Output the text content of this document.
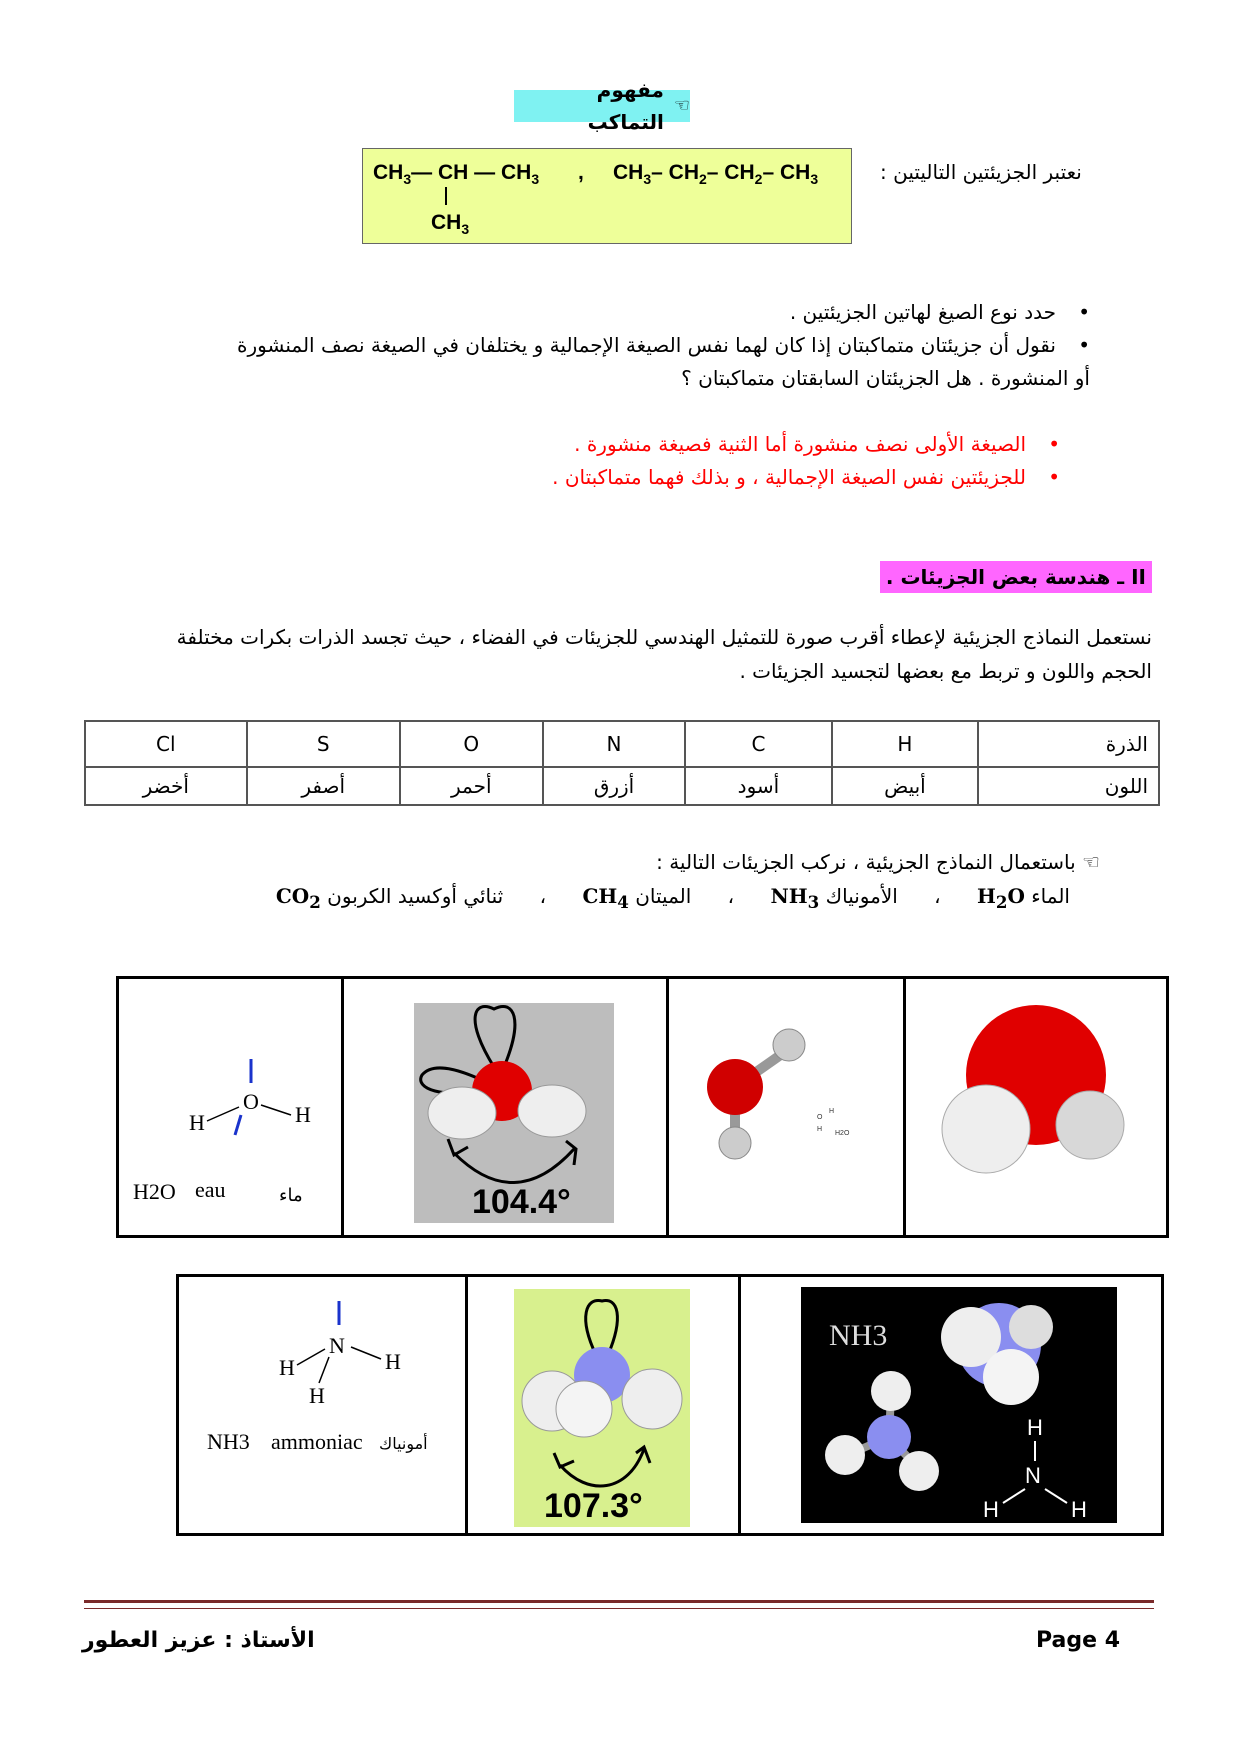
☜
مفهوم التماكب
$CH_3—$ CH — $CH_3$
$CH_3$
, $CH_3-$ $CH_2-$ $CH_2-$ $CH_3$	نعتبر الجزيئتين التاليتين :
•
حدد نوع الصيغ لهاتين الجزيئتين .
•
نقول أن جزيئتان متماكبتان إذا كان لهما نفس الصيغة الإجمالية و يختلفان في الصيغة نصف المنشورة
أو المنشورة . هل الجزيئتان السابقتان متماكبتان ؟
•
الصيغة الأولى نصف منشورة أما الثنية فصيغة منشورة .
•
للجزيئتين نفس الصيغة الإجمالية ، و بذلك فهما متماكبتان .
II ـ هندسة بعض الجزيئات .
نستعمل النماذج الجزيئية لإعطاء أقرب صورة للتمثيل الهندسي للجزيئات في الفضاء ، حيث تجسد الذرات بكرات مختلفة الحجم واللون و تربط مع بعضها لتجسيد الجزيئات .
الذرة	H	C	N	O	S	Cl
اللون	أبيض	أسود	أزرق	أحمر	أصفر	أخضر
☜ باستعمال النماذج الجزيئية ، نركب الجزيئات التالية :
الماء $H_2O$ ، الأمونياك $NH_3$ ، الميتان $CH_4$ ، ثنائي أوكسيد الكربون $CO_2$
O
H	H
H2O eau	ماء	104.4°

O
H
H
H2O

N
H	H
H
NH3 ammoniac أمونياك

107.3°

NH3
H
N
H	H
الأستاذ : عزيز العطور	Page 4
